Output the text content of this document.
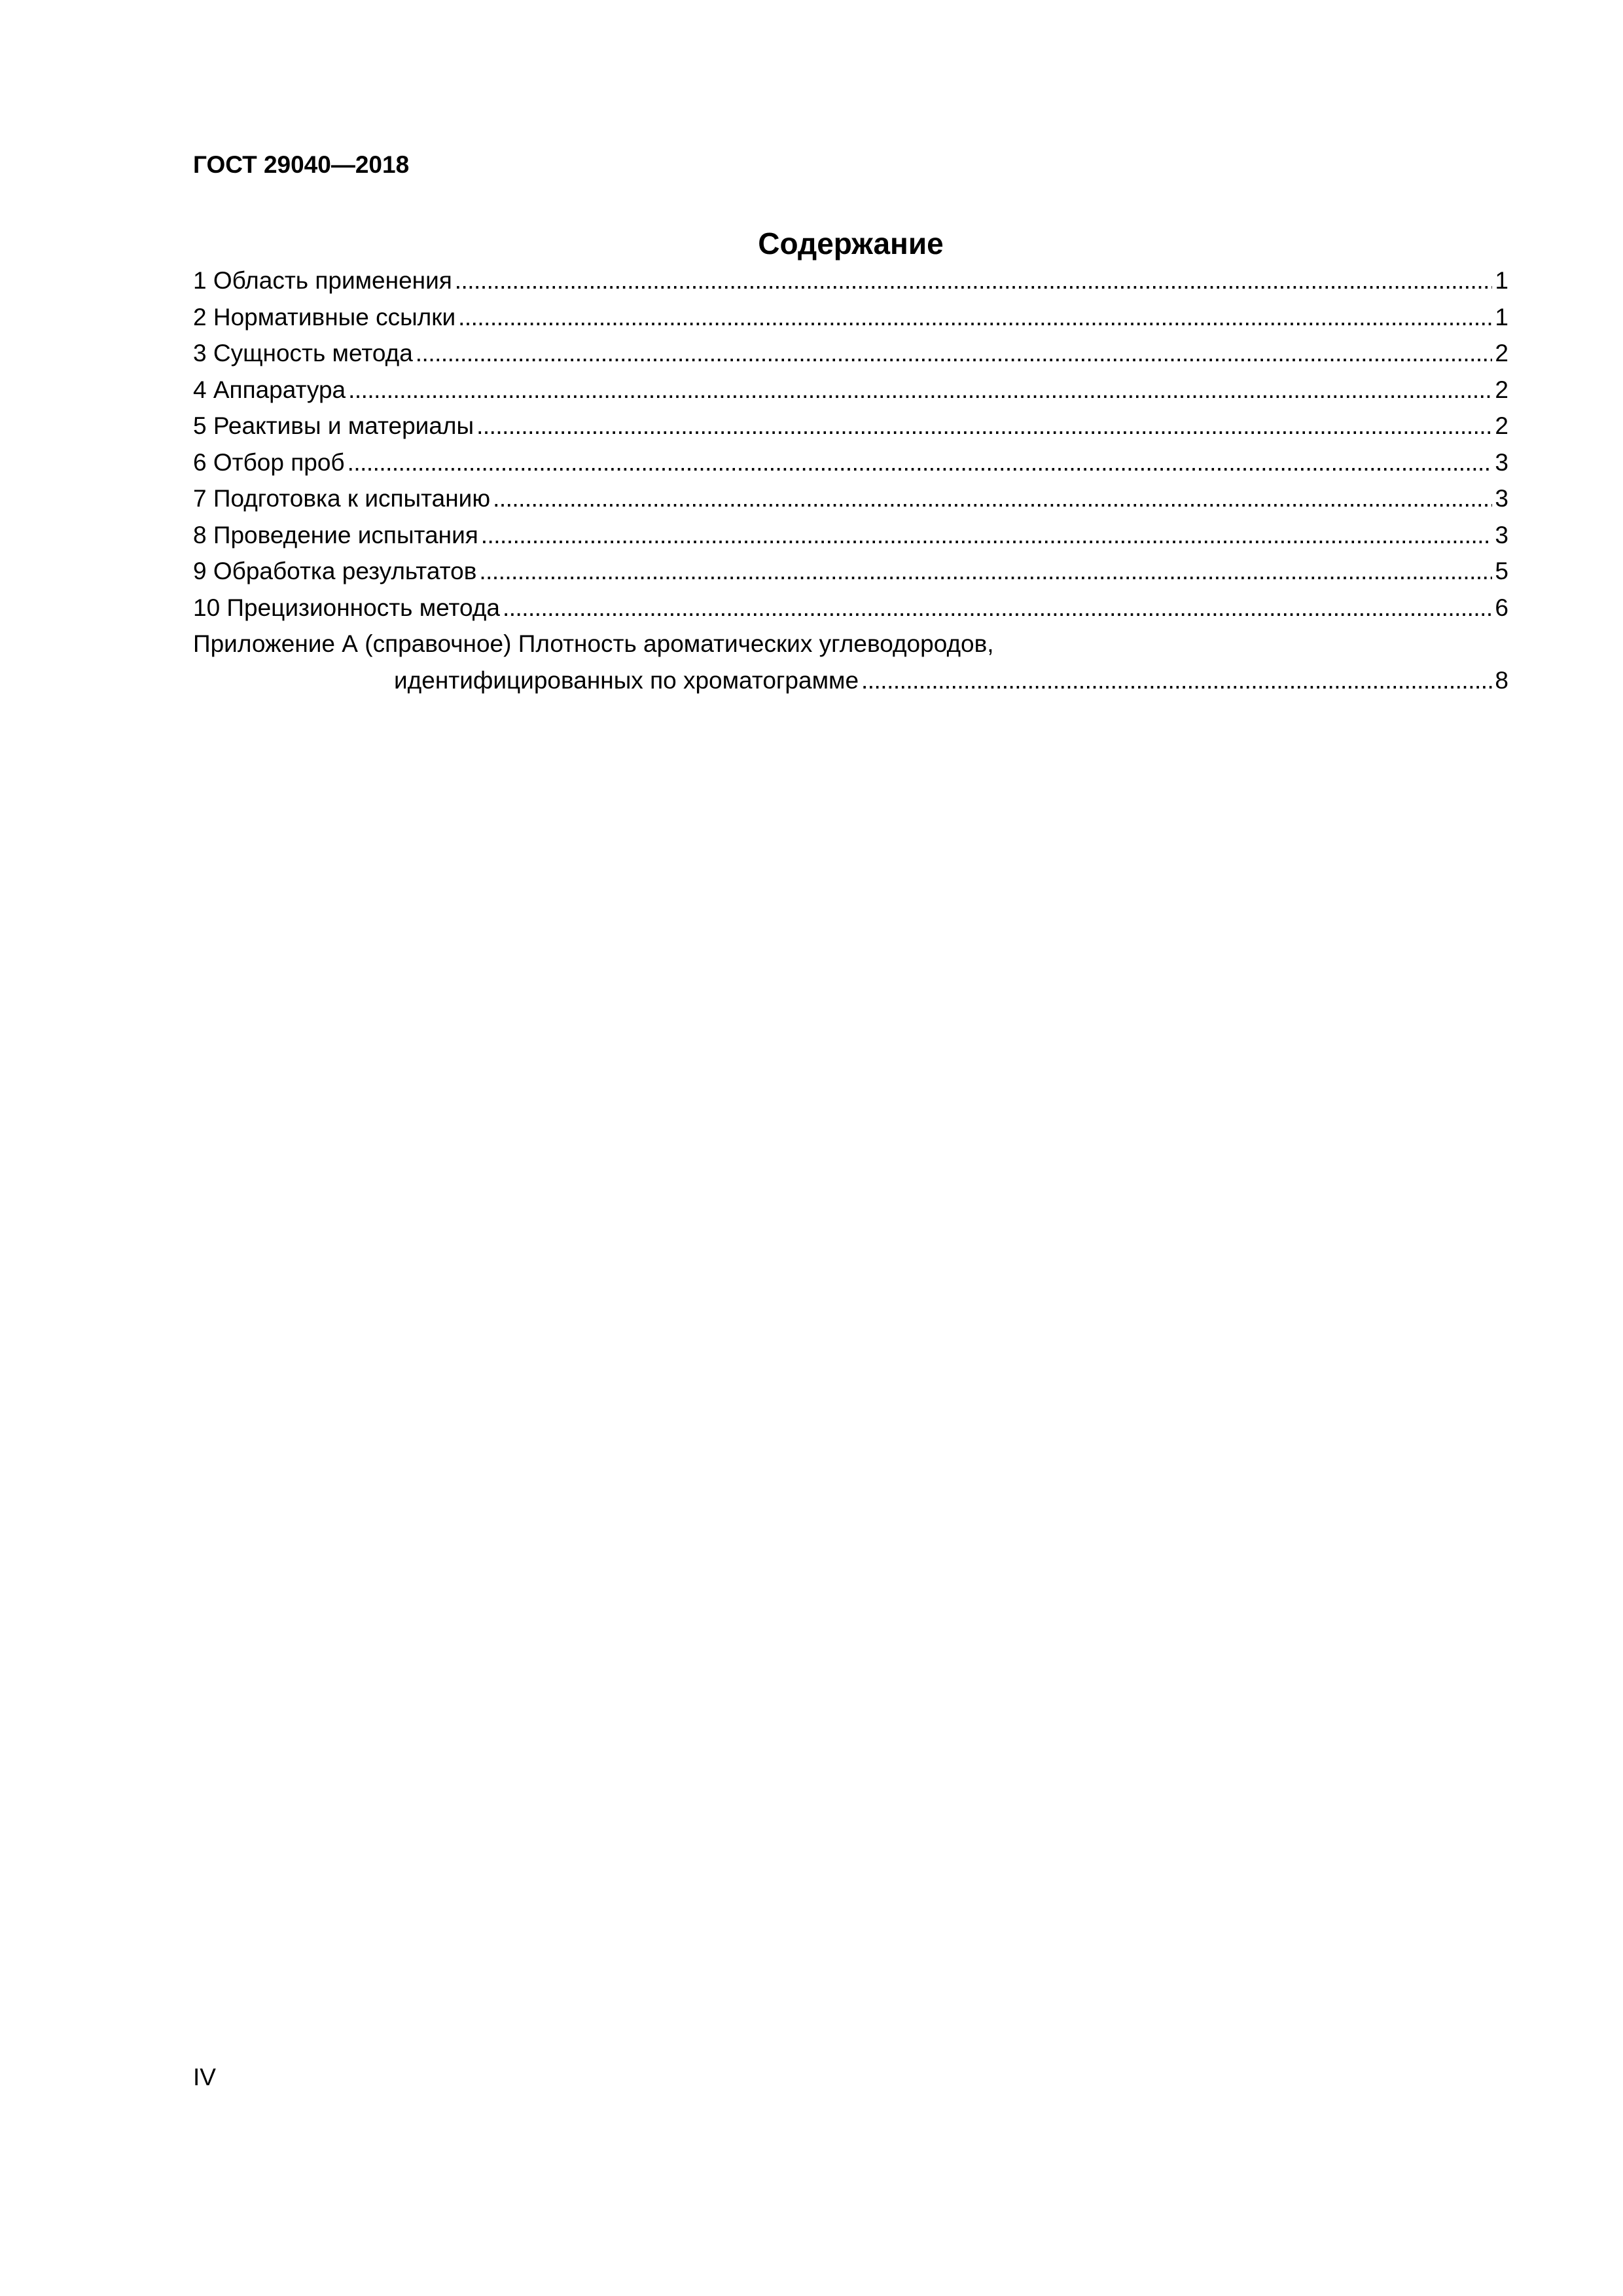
ГОСТ 29040—2018
Содержание
1 Область применения . . .	1
2 Нормативные ссылки . . .	1
3 Сущность метода . . .	2
4 Аппаратура . . .	2
5 Реактивы и материалы . . .	2
6 Отбор проб . . .	3
7 Подготовка к испытанию . . .	3
8 Проведение испытания . . .	3
9 Обработка результатов . . .	5
10 Прецизионность метода . . .	6
Приложение А (справочное) Плотность ароматических углеводородов,
идентифицированных по хроматограмме . . .	8
IV
